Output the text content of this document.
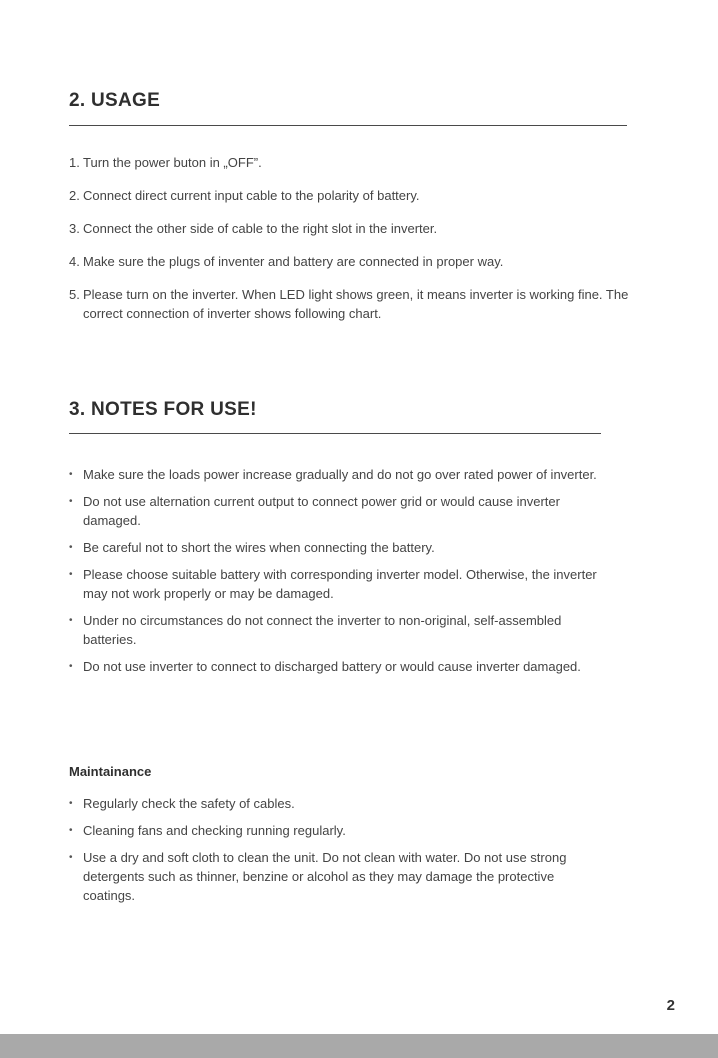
2. USAGE
1. Turn the power buton in „OFF”.
2. Connect direct current input cable to the polarity of battery.
3. Connect the other side of cable to the right slot in the inverter.
4. Make sure the plugs of inventer and battery are connected in proper way.
5. Please turn on the inverter. When LED light shows green, it means inverter is working fine. The correct connection of inverter shows following chart.
3. NOTES FOR USE!
• Make sure the loads power increase gradually and do not go over rated power of inverter.
• Do not use alternation current output to connect power grid or would cause inverter damaged.
• Be careful not to short the wires when connecting the battery.
• Please choose suitable battery with corresponding inverter model. Otherwise, the inverter may not work properly or may be damaged.
• Under no circumstances do not connect the inverter to non-original, self-assembled batteries.
• Do not use inverter to connect to discharged battery or would cause inverter damaged.
Maintainance
• Regularly check the safety of cables.
• Cleaning fans and checking running regularly.
• Use a dry and soft cloth to clean the unit. Do not clean with water. Do not use strong detergents such as thinner, benzine or alcohol as they may damage the protective coatings.
2
